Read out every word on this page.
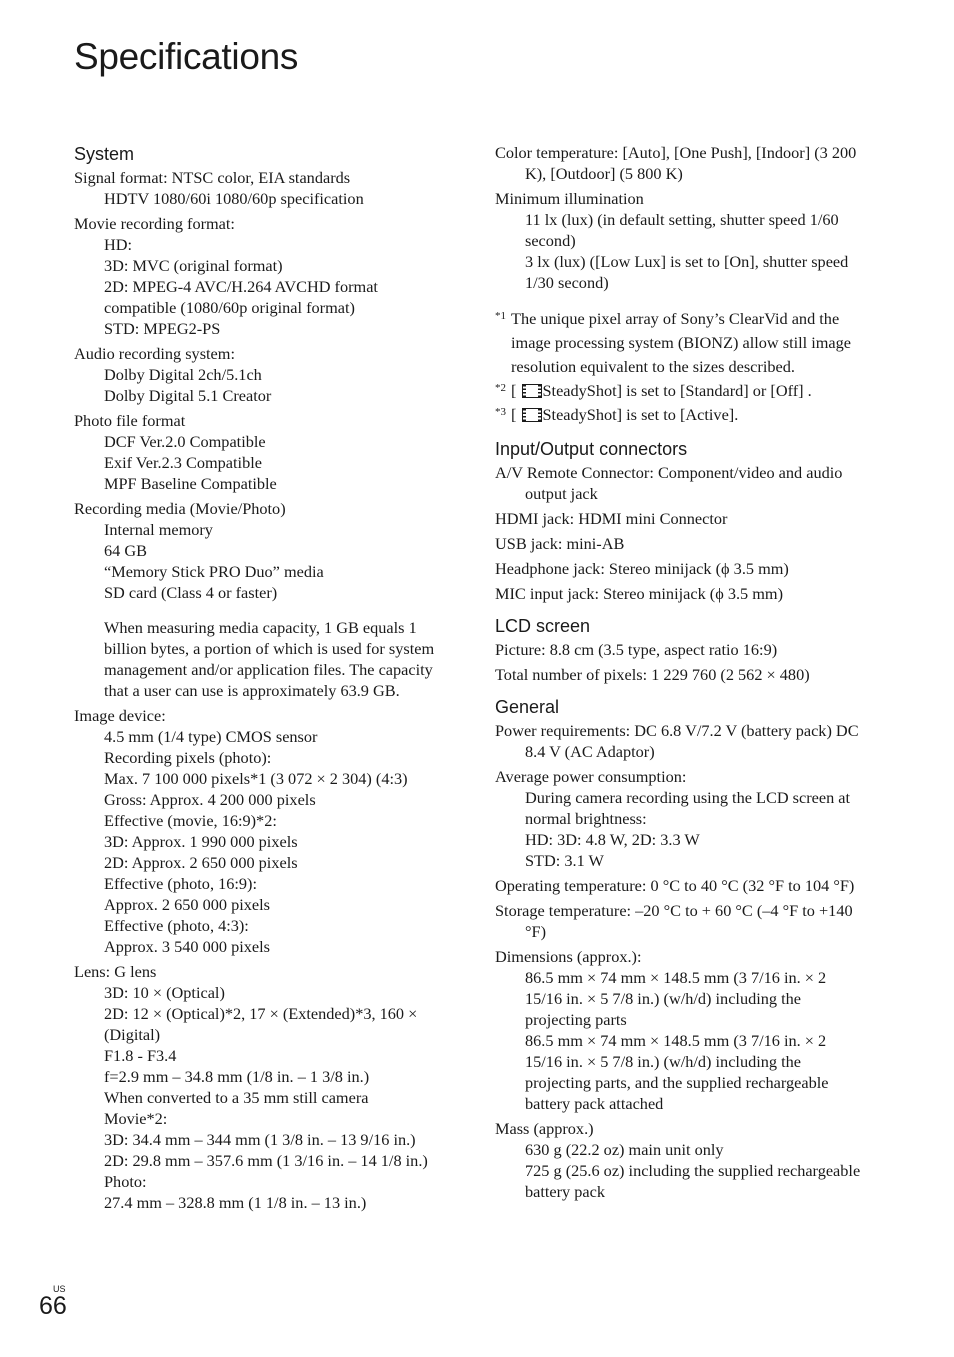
Specifications
System
Signal format: NTSC color, EIA standards
HDTV 1080/60i 1080/60p specification
Movie recording format:
HD:
3D: MVC (original format)
2D: MPEG-4 AVC/H.264 AVCHD format compatible (1080/60p original format)
STD: MPEG2-PS
Audio recording system:
Dolby Digital 2ch/5.1ch
Dolby Digital 5.1 Creator
Photo file format
DCF Ver.2.0 Compatible
Exif Ver.2.3 Compatible
MPF Baseline Compatible
Recording media (Movie/Photo)
Internal memory
64 GB
“Memory Stick PRO Duo” media
SD card (Class 4 or faster)
When measuring media capacity, 1 GB equals 1 billion bytes, a portion of which is used for system management and/or application files. The capacity that a user can use is approximately 63.9 GB.
Image device:
4.5 mm (1/4 type) CMOS sensor
Recording pixels (photo):
Max. 7 100 000 pixels*1 (3 072 × 2 304) (4:3)
Gross: Approx. 4 200 000 pixels
Effective (movie, 16:9)*2:
3D: Approx. 1 990 000 pixels
2D: Approx. 2 650 000 pixels
Effective (photo, 16:9):
Approx. 2 650 000 pixels
Effective (photo, 4:3):
Approx. 3 540 000 pixels
Lens: G lens
3D: 10 × (Optical)
2D: 12 × (Optical)*2, 17 × (Extended)*3, 160 × (Digital)
F1.8 - F3.4
f=2.9 mm – 34.8 mm (1/8 in. – 1 3/8 in.)
When converted to a 35 mm still camera
Movie*2:
3D: 34.4 mm – 344 mm (1 3/8 in. – 13 9/16 in.)
2D: 29.8 mm – 357.6 mm (1 3/16 in. – 14 1/8 in.)
Photo:
27.4 mm – 328.8 mm (1 1/8 in. – 13 in.)
Color temperature: [Auto], [One Push], [Indoor] (3 200 K), [Outdoor] (5 800 K)
Minimum illumination
11 lx (lux) (in default setting, shutter speed 1/60 second)
3 lx (lux) ([Low Lux] is set to [On], shutter speed 1/30 second)
*1 The unique pixel array of Sony’s ClearVid and the image processing system (BIONZ) allow still image resolution equivalent to the sizes described.
*2 [ SteadyShot] is set to [Standard] or [Off] .
*3 [ SteadyShot] is set to [Active].
Input/Output connectors
A/V Remote Connector: Component/video and audio output jack
HDMI jack: HDMI mini Connector
USB jack: mini-AB
Headphone jack: Stereo minijack (ϕ 3.5 mm)
MIC input jack: Stereo minijack (ϕ 3.5 mm)
LCD screen
Picture: 8.8 cm (3.5 type, aspect ratio 16:9)
Total number of pixels: 1 229 760 (2 562 × 480)
General
Power requirements: DC 6.8 V/7.2 V (battery pack) DC 8.4 V (AC Adaptor)
Average power consumption:
During camera recording using the LCD screen at normal brightness:
HD: 3D: 4.8 W, 2D: 3.3 W
STD: 3.1 W
Operating temperature: 0 °C to 40 °C (32 °F to 104 °F)
Storage temperature: –20 °C to + 60 °C (–4 °F to +140 °F)
Dimensions (approx.):
86.5 mm × 74 mm × 148.5 mm (3 7/16 in. × 2 15/16 in. × 5 7/8 in.) (w/h/d) including the projecting parts
86.5 mm × 74 mm × 148.5 mm (3 7/16 in. × 2 15/16 in. × 5 7/8 in.) (w/h/d) including the projecting parts, and the supplied rechargeable battery pack attached
Mass (approx.)
630 g (22.2 oz) main unit only
725 g (25.6 oz) including the supplied rechargeable battery pack
US
66
